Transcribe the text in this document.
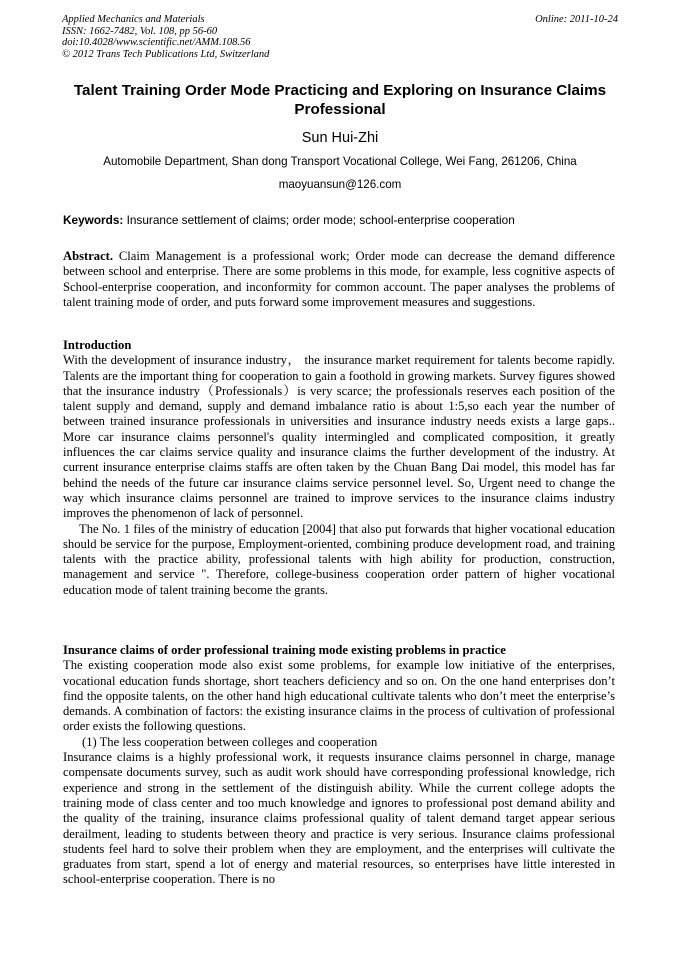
Applied Mechanics and Materials
ISSN: 1662-7482, Vol. 108, pp 56-60
doi:10.4028/www.scientific.net/AMM.108.56
© 2012 Trans Tech Publications Ltd, Switzerland
Online: 2011-10-24
Talent Training Order Mode Practicing and Exploring on Insurance Claims Professional
Sun Hui-Zhi
Automobile Department, Shan dong Transport Vocational College, Wei Fang, 261206, China
maoyuansun@126.com
Keywords: Insurance settlement of claims; order mode; school-enterprise cooperation

Abstract. Claim Management is a professional work; Order mode can decrease the demand difference between school and enterprise. There are some problems in this mode, for example, less cognitive aspects of School-enterprise cooperation, and inconformity for common account. The paper analyses the problems of talent training mode of order, and puts forward some improvement measures and suggestions.

Introduction

With the development of insurance industry， the insurance market requirement for talents become rapidly. Talents are the important thing for cooperation to gain a foothold in growing markets. Survey figures showed that the insurance industry（Professionals）is very scarce; the professionals reserves each position of the talent supply and demand, supply and demand imbalance ratio is about 1:5,so each year the number of between trained insurance professionals in universities and insurance industry needs exists a large gaps.. More car insurance claims personnel's quality intermingled and complicated composition, it greatly influences the car claims service quality and insurance claims the further development of the industry. At current insurance enterprise claims staffs are often taken by the Chuan Bang Dai model, this model has far behind the needs of the future car insurance claims service personnel level. So, Urgent need to change the way which insurance claims personnel are trained to improve services to the insurance claims industry improves the phenomenon of lack of personnel.

The No. 1 files of the ministry of education [2004] that also put forwards that higher vocational education should be service for the purpose, Employment-oriented, combining produce development road, and training talents with the practice ability, professional talents with high ability for production, construction, management and service ". Therefore, college-business cooperation order pattern of higher vocational education mode of talent training become the grants.

Insurance claims of order professional training mode existing problems in practice

The existing cooperation mode also exist some problems, for example low initiative of the enterprises, vocational education funds shortage, short teachers deficiency and so on. On the one hand enterprises don’t find the opposite talents, on the other hand high educational cultivate talents who don’t meet the enterprise’s demands. A combination of factors: the existing insurance claims in the process of cultivation of professional order exists the following questions.

(1) The less cooperation between colleges and cooperation

Insurance claims is a highly professional work, it requests insurance claims personnel in charge, manage compensate documents survey, such as audit work should have corresponding professional knowledge, rich experience and strong in the settlement of the distinguish ability. While the current college adopts the training mode of class center and too much knowledge and ignores to professional post demand ability and the quality of the training, insurance claims professional quality of talent demand target appear serious derailment, leading to students between theory and practice is very serious. Insurance claims professional students feel hard to solve their problem when they are employment, and the enterprises will cultivate the graduates from start, spend a lot of energy and material resources, so enterprises have little interested in school-enterprise cooperation. There is no
